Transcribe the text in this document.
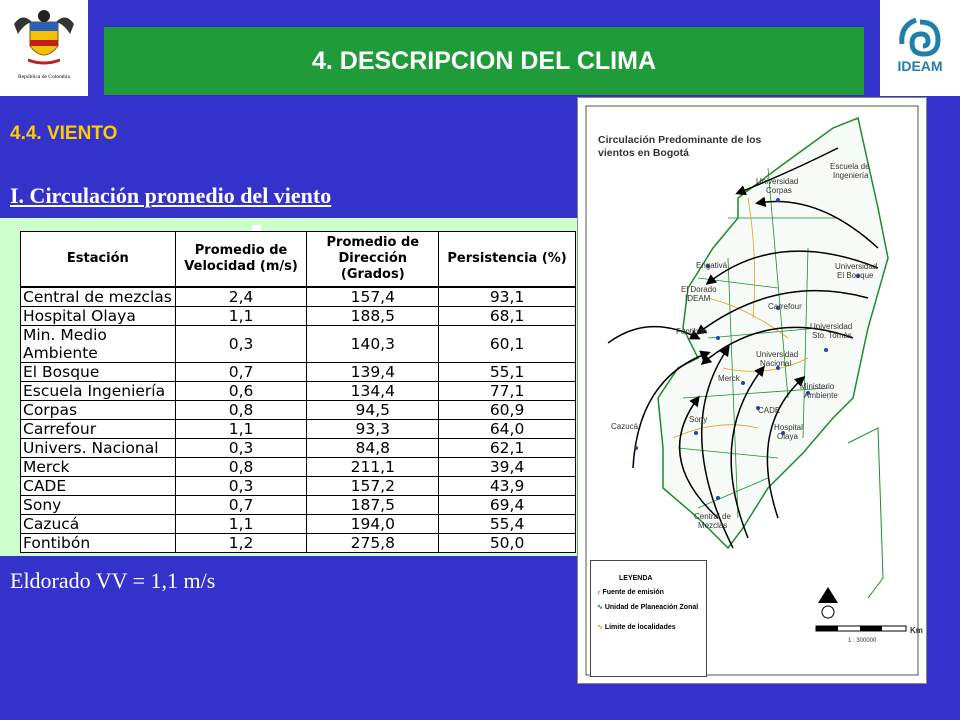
República de Colombia
IDEAM
4. DESCRIPCION DEL CLIMA
4.4. VIENTO
I. Circulación promedio del viento
Estación	Promedio de Velocidad (m/s)	Promedio de Dirección (Grados)	Persistencia (%)
Central de mezclas	2,4	157,4	93,1
Hospital Olaya	1,1	188,5	68,1
Min. Medio Ambiente	0,3	140,3	60,1
El Bosque	0,7	139,4	55,1
Escuela Ingeniería	0,6	134,4	77,1
Corpas	0,8	94,5	60,9
Carrefour	1,1	93,3	64,0
Univers. Nacional	0,3	84,8	62,1
Merck	0,8	211,1	39,4
CADE	0,3	157,2	43,9
Sony	0,7	187,5	69,4
Cazucá	1,1	194,0	55,4
Fontibón	1,2	275,8	50,0
Eldorado VV = 1,1 m/s
Circulación Predominante de los vientos en Bogotá
Escuela de
Ingeniería
Universidad
Corpas
Engativá
El Dorado
IDEAM
Carrefour
Universidad
El Bosque
Fontibón
Universidad
Sto. Tomás
Universidad
Nacional
Merck
Ministerio
Ambiente
CADE
Sony
Hospital
Olaya
Cazucá
Central de
Mezclas
LEYENDA
♪ Fuente de emisión
∿ Unidad de Planeación Zonal
∿ Límite de localidades	Km
1 : 300000
